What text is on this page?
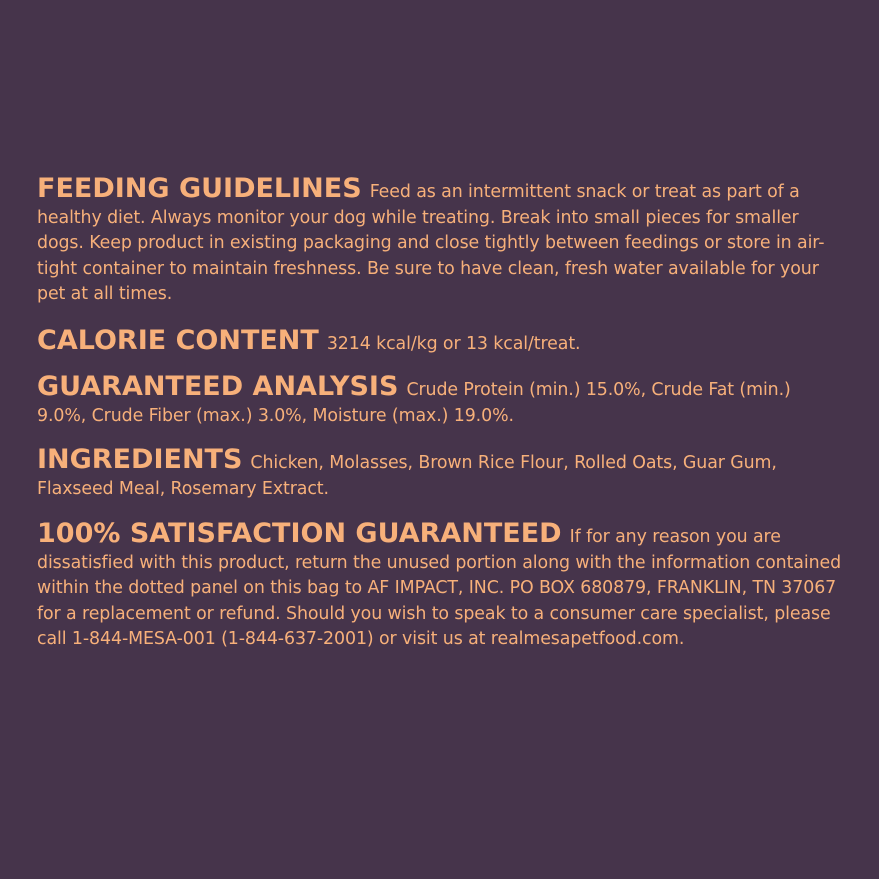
FEEDING GUIDELINES Feed as an intermittent snack or treat as part of a healthy diet. Always monitor your dog while treating. Break into small pieces for smaller dogs. Keep product in existing packaging and close tightly between feedings or store in air-tight container to maintain freshness. Be sure to have clean, fresh water available for your pet at all times.

CALORIE CONTENT 3214 kcal/kg or 13 kcal/treat.

GUARANTEED ANALYSIS Crude Protein (min.) 15.0%, Crude Fat (min.) 9.0%, Crude Fiber (max.) 3.0%, Moisture (max.) 19.0%.

INGREDIENTS Chicken, Molasses, Brown Rice Flour, Rolled Oats, Guar Gum, Flaxseed Meal, Rosemary Extract.

100% SATISFACTION GUARANTEED If for any reason you are dissatisfied with this product, return the unused portion along with the information contained within the dotted panel on this bag to AF IMPACT, INC. PO BOX 680879, FRANKLIN, TN 37067 for a replacement or refund. Should you wish to speak to a consumer care specialist, please call 1-844-MESA-001 (1-844-637-2001) or visit us at realmesapetfood.com.
